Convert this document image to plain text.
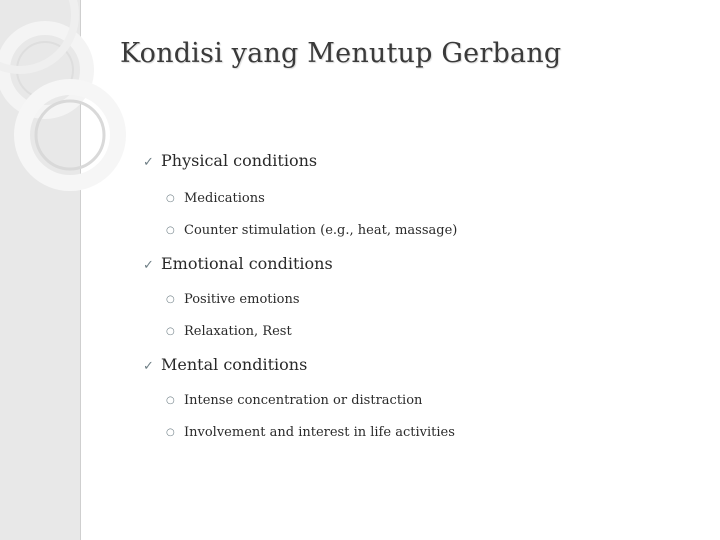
Kondisi yang Menutup Gerbang
✓ Physical conditions
○ Medications
○ Counter stimulation (e.g., heat, massage)
✓ Emotional conditions
○ Positive emotions
○ Relaxation, Rest
✓ Mental conditions
○ Intense concentration or distraction
○ Involvement and interest in life activities
